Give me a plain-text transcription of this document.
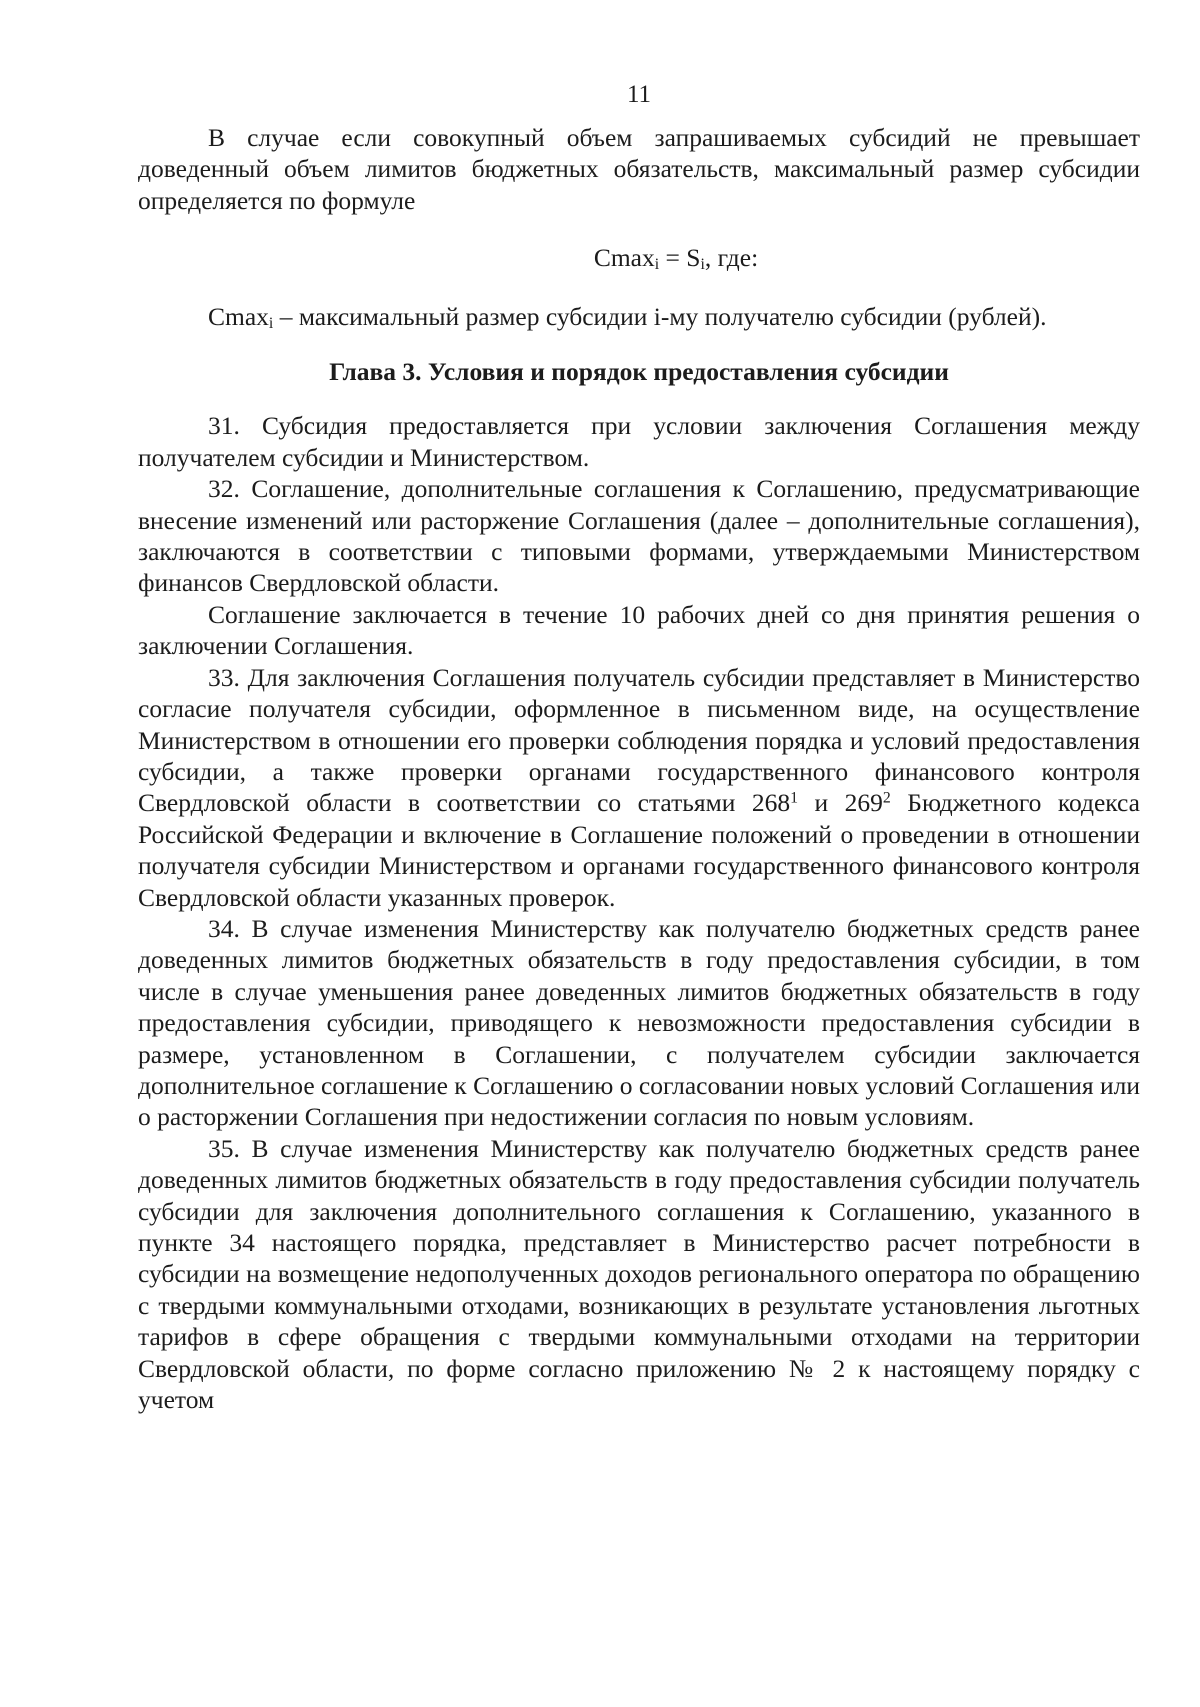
11

В случае если совокупный объем запрашиваемых субсидий не превышает доведенный объем лимитов бюджетных обязательств, максимальный размер субсидии определяется по формуле

$Cmax_i = S_i$, где:

Cmax$_i$ – максимальный размер субсидии i-му получателю субсидии (рублей).

Глава 3. Условия и порядок предоставления субсидии

31. Субсидия предоставляется при условии заключения Соглашения между получателем субсидии и Министерством.

32. Соглашение, дополнительные соглашения к Соглашению, предусматривающие внесение изменений или расторжение Соглашения (далее – дополнительные соглашения), заключаются в соответствии с типовыми формами, утверждаемыми Министерством финансов Свердловской области.

Соглашение заключается в течение 10 рабочих дней со дня принятия решения о заключении Соглашения.

33. Для заключения Соглашения получатель субсидии представляет в Министерство согласие получателя субсидии, оформленное в письменном виде, на осуществление Министерством в отношении его проверки соблюдения порядка и условий предоставления субсидии, а также проверки органами государственного финансового контроля Свердловской области в соответствии со статьями $268^1$ и $269^2$ Бюджетного кодекса Российской Федерации и включение в Соглашение положений о проведении в отношении получателя субсидии Министерством и органами государственного финансового контроля Свердловской области указанных проверок.

34. В случае изменения Министерству как получателю бюджетных средств ранее доведенных лимитов бюджетных обязательств в году предоставления субсидии, в том числе в случае уменьшения ранее доведенных лимитов бюджетных обязательств в году предоставления субсидии, приводящего к невозможности предоставления субсидии в размере, установленном в Соглашении, с получателем субсидии заключается дополнительное соглашение к Соглашению о согласовании новых условий Соглашения или о расторжении Соглашения при недостижении согласия по новым условиям.

35. В случае изменения Министерству как получателю бюджетных средств ранее доведенных лимитов бюджетных обязательств в году предоставления субсидии получатель субсидии для заключения дополнительного соглашения к Соглашению, указанного в пункте 34 настоящего порядка, представляет в Министерство расчет потребности в субсидии на возмещение недополученных доходов регионального оператора по обращению с твердыми коммунальными отходами, возникающих в результате установления льготных тарифов в сфере обращения с твердыми коммунальными отходами на территории Свердловской области, по форме согласно приложению № 2 к настоящему порядку с учетом
